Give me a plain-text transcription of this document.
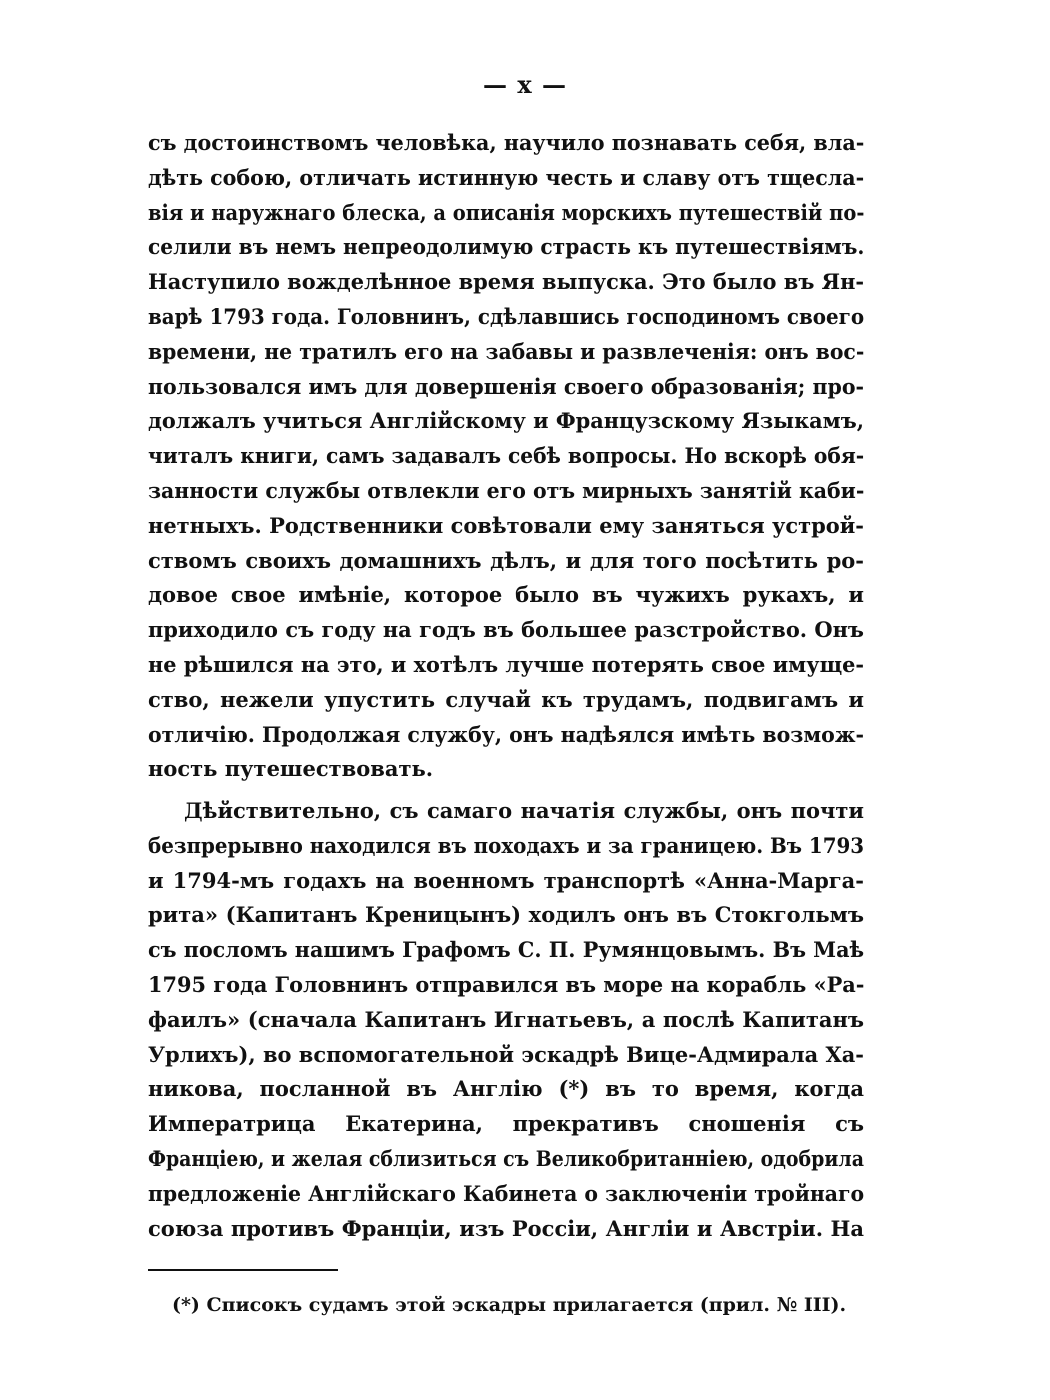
— x —
съ достоинствомъ человѣка, научило познавать себя, вла-
дѣть собою, отличать истинную честь и славу отъ тщесла-
вія и наружнаго блеска, а описанія морскихъ путешествій по-
селили въ немъ непреодолимую страсть къ путешествіямъ.
Наступило вожделѣнное время выпуска. Это было въ Ян-
варѣ 1793 года. Головнинъ, сдѣлавшись господиномъ своего
времени, не тратилъ его на забавы и развлеченія: онъ вос-
пользовался имъ для довершенія своего образованія; про-
должалъ учиться Англійскому и Французскому Языкамъ,
читалъ книги, самъ задавалъ себѣ вопросы. Но вскорѣ обя-
занности службы отвлекли его отъ мирныхъ занятій каби-
нетныхъ. Родственники совѣтовали ему заняться устрой-
ствомъ своихъ домашнихъ дѣлъ, и для того посѣтить ро-
довое свое имѣніе, которое было въ чужихъ рукахъ, и
приходило съ году на годъ въ большее разстройство. Онъ
не рѣшился на это, и хотѣлъ лучше потерять свое имуще-
ство, нежели упустить случай къ трудамъ, подвигамъ и
отличію. Продолжая службу, онъ надѣялся имѣть возмож-
ность путешествовать.
Дѣйствительно, съ самаго начатія службы, онъ почти
безпрерывно находился въ походахъ и за границею. Въ 1793
и 1794-мъ годахъ на военномъ транспортѣ «Анна-Марга-
рита» (Капитанъ Креницынъ) ходилъ онъ въ Стокгольмъ
съ посломъ нашимъ Графомъ С. П. Румянцовымъ. Въ Маѣ
1795 года Головнинъ отправился въ море на корабль «Ра-
фаилъ» (сначала Капитанъ Игнатьевъ, а послѣ Капитанъ
Урлихъ), во вспомогательной эскадрѣ Вице-Адмирала Ха-
никова, посланной въ Англію (*) въ то время, когда
Императрица Екатерина, прекративъ сношенія съ
Франціею, и желая сблизиться съ Великобританніею, одобрила
предложеніе Англійскаго Кабинета о заключеніи тройнаго
союза противъ Франціи, изъ Россіи, Англіи и Австріи. На
(*) Списокъ судамъ этой эскадры прилагается (прил. № III).
